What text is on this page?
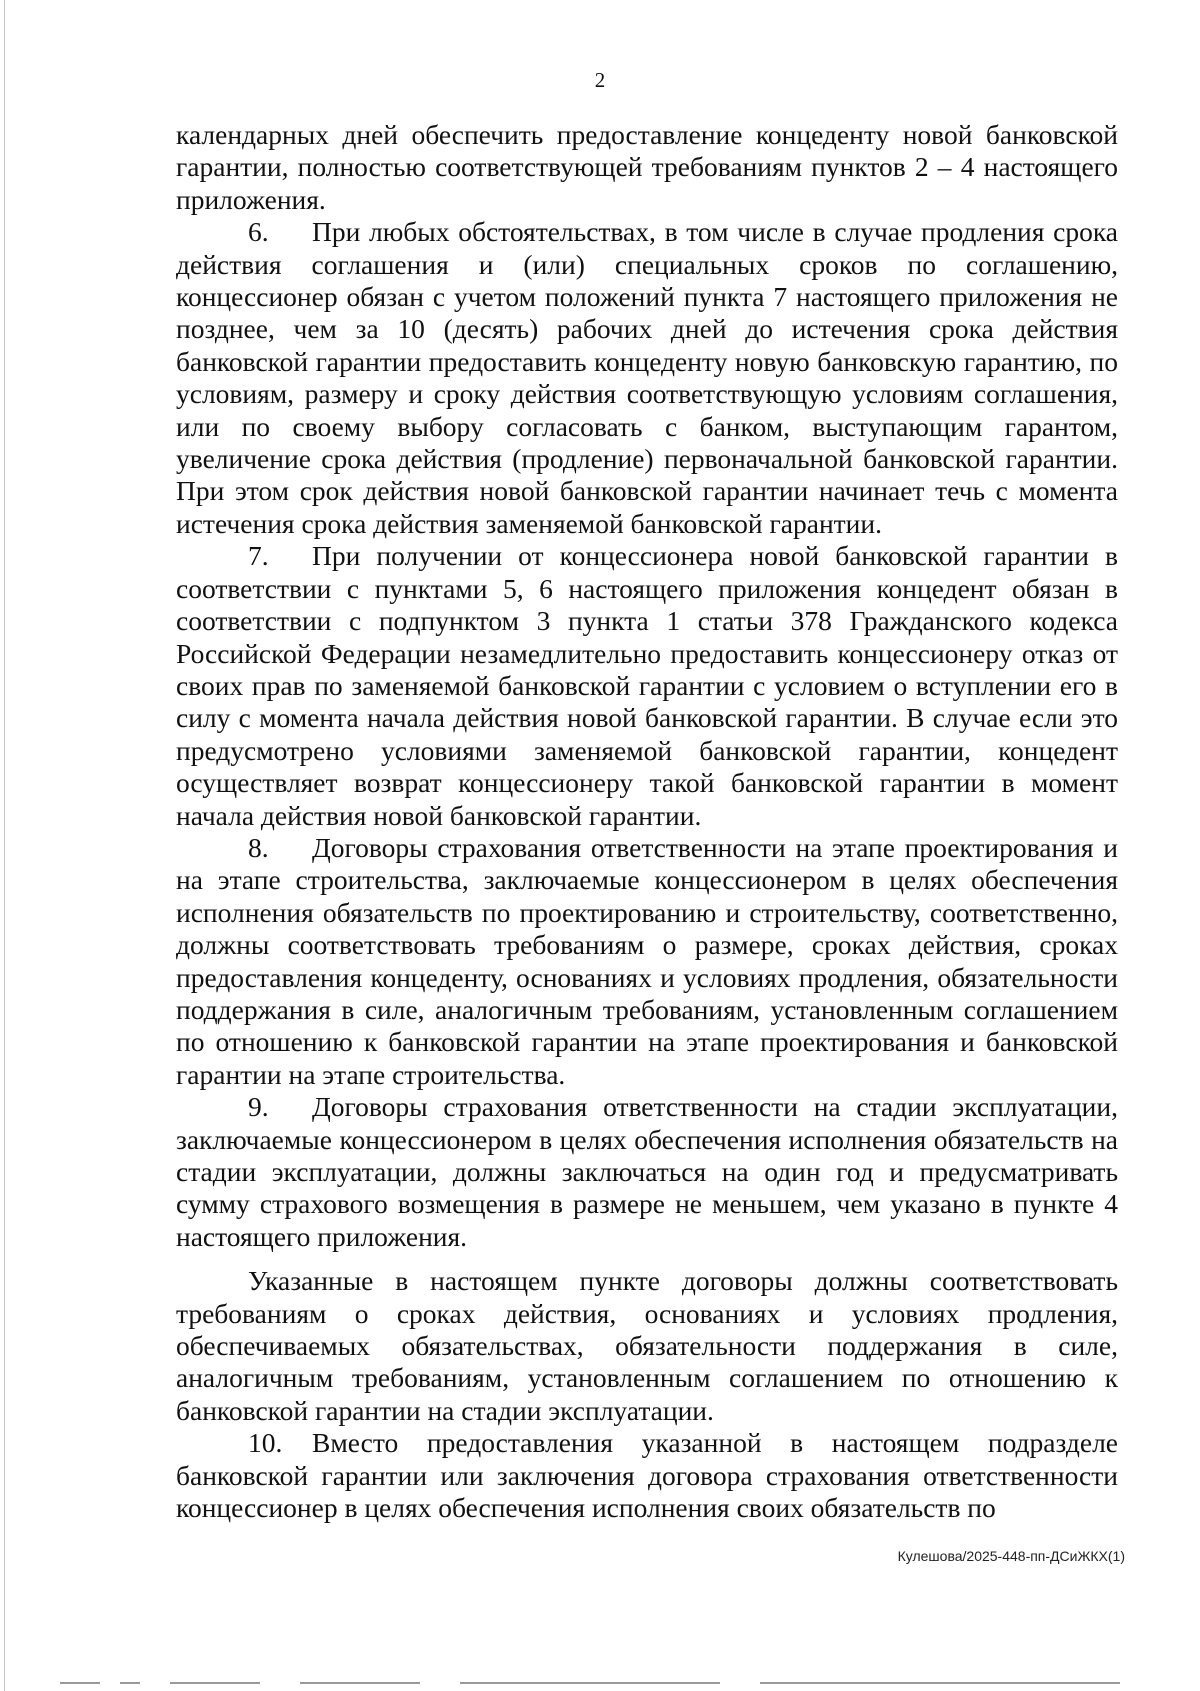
2

календарных дней обеспечить предоставление концеденту новой банковской гарантии, полностью соответствующей требованиям пунктов 2 – 4 настоящего приложения.

6. При любых обстоятельствах, в том числе в случае продления срока действия соглашения и (или) специальных сроков по соглашению, концессионер обязан с учетом положений пункта 7 настоящего приложения не позднее, чем за 10 (десять) рабочих дней до истечения срока действия банковской гарантии предоставить концеденту новую банковскую гарантию, по условиям, размеру и сроку действия соответствующую условиям соглашения, или по своему выбору согласовать с банком, выступающим гарантом, увеличение срока действия (продление) первоначальной банковской гарантии. При этом срок действия новой банковской гарантии начинает течь с момента истечения срока действия заменяемой банковской гарантии.

7. При получении от концессионера новой банковской гарантии в соответствии с пунктами 5, 6 настоящего приложения концедент обязан в соответствии с подпунктом 3 пункта 1 статьи 378 Гражданского кодекса Российской Федерации незамедлительно предоставить концессионеру отказ от своих прав по заменяемой банковской гарантии с условием о вступлении его в силу с момента начала действия новой банковской гарантии. В случае если это предусмотрено условиями заменяемой банковской гарантии, концедент осуществляет возврат концессионеру такой банковской гарантии в момент начала действия новой банковской гарантии.

8. Договоры страхования ответственности на этапе проектирования и на этапе строительства, заключаемые концессионером в целях обеспечения исполнения обязательств по проектированию и строительству, соответственно, должны соответствовать требованиям о размере, сроках действия, сроках предоставления концеденту, основаниях и условиях продления, обязательности поддержания в силе, аналогичным требованиям, установленным соглашением по отношению к банковской гарантии на этапе проектирования и банковской гарантии на этапе строительства.

9. Договоры страхования ответственности на стадии эксплуатации, заключаемые концессионером в целях обеспечения исполнения обязательств на стадии эксплуатации, должны заключаться на один год и предусматривать сумму страхового возмещения в размере не меньшем, чем указано в пункте 4 настоящего приложения.

Указанные в настоящем пункте договоры должны соответствовать требованиям о сроках действия, основаниях и условиях продления, обеспечиваемых обязательствах, обязательности поддержания в силе, аналогичным требованиям, установленным соглашением по отношению к банковской гарантии на стадии эксплуатации.

10. Вместо предоставления указанной в настоящем подразделе банковской гарантии или заключения договора страхования ответственности концессионер в целях обеспечения исполнения своих обязательств по

Кулешова/2025-448-пп-ДСиЖКХ(1)
